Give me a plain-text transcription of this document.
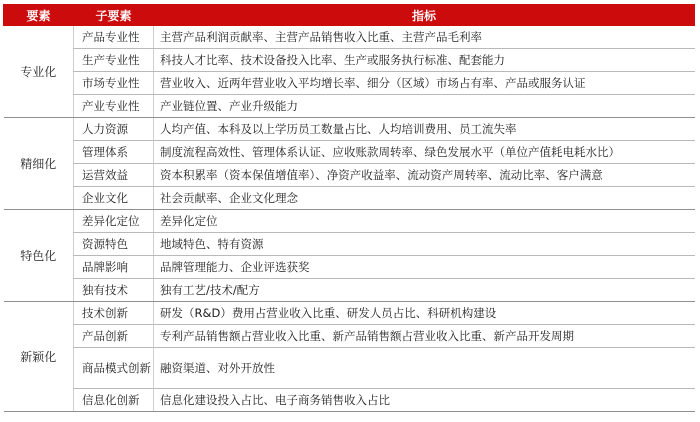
要素	子要素	指标
专业化	产品专业性	主营产品利润贡献率、主营产品销售收入比重、主营产品毛利率
	生产专业性	科技人才比率、技术设备投入比率、生产或服务执行标准、配套能力
	市场专业性	营业收入、近两年营业收入平均增长率、细分（区域）市场占有率、产品或服务认证
	产业专业性	产业链位置、产业升级能力
精细化	人力资源	人均产值、本科及以上学历员工数量占比、人均培训费用、员工流失率
	管理体系	制度流程高效性、管理体系认证、应收账款周转率、绿色发展水平（单位产值耗电耗水比）
	运营效益	资本积累率（资本保值增值率）、净资产收益率、流动资产周转率、流动比率、客户满意
	企业文化	社会贡献率、企业文化理念
特色化	差异化定位	差异化定位
	资源特色	地域特色、特有资源
	品牌影响	品牌管理能力、企业评选获奖
	独有技术	独有工艺/技术/配方
新颖化	技术创新	研发（R&D）费用占营业收入比重、研发人员占比、科研机构建设
	产品创新	专利产品销售额占营业收入比重、新产品销售额占营业收入比重、新产品开发周期
	商品模式创新	融资渠道、对外开放性
	信息化创新	信息化建设投入占比、电子商务销售收入占比
